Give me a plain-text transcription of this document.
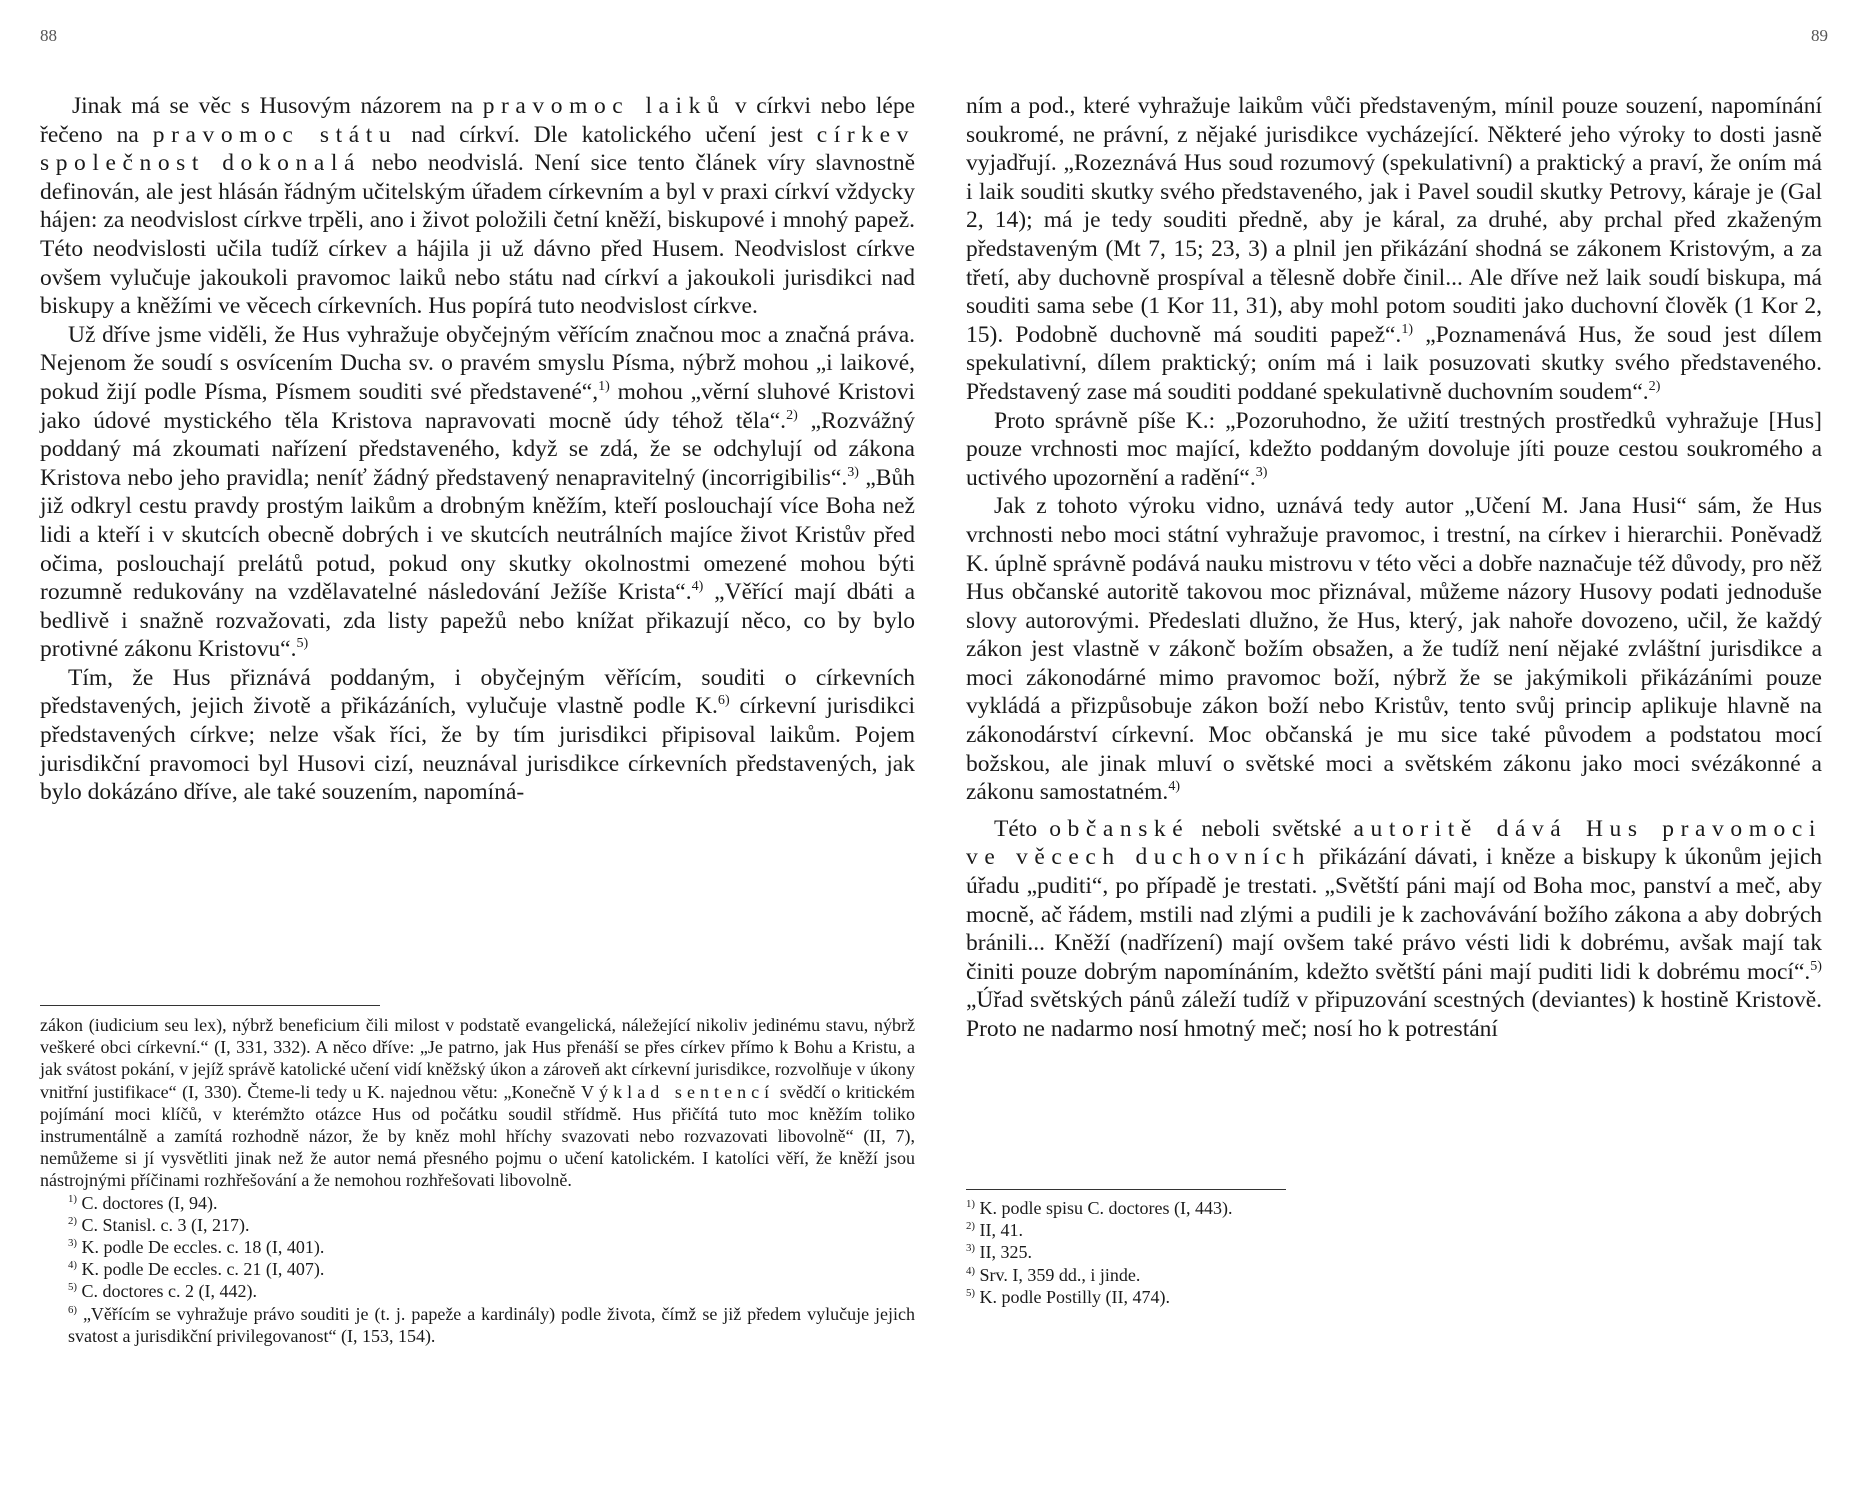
88

Jinak má se věc s Husovým názorem na pravomoc laiků v církvi nebo lépe řečeno na pravomoc státu nad církví. Dle katolického učení jest církev společnost dokonalá nebo neodvislá. Není sice tento článek víry slavnostně definován, ale jest hlásán řádným učitelským úřadem církevním a byl v praxi církví vždycky hájen: za neodvislost církve trpěli, ano i život položili četní kněží, biskupové i mnohý papež. Této neodvislosti učila tudíž církev a hájila ji už dávno před Husem. Neodvislost církve ovšem vylučuje jakoukoli pravomoc laiků nebo státu nad církví a jakoukoli jurisdikci nad biskupy a kněžími ve věcech církevních. Hus popírá tuto neodvislost církve.

Už dříve jsme viděli, že Hus vyhražuje obyčejným věřícím značnou moc a značná práva. Nejenom že soudí s osvícením Ducha sv. o pravém smyslu Písma, nýbrž mohou „i laikové, pokud žijí podle Písma, Písmem souditi své představené“,$^{1)}$ mohou „věrní sluhové Kristovi jako údové mystického těla Kristova napravovati mocně údy téhož těla“.$^{2)}$ „Rozvážný poddaný má zkoumati nařízení představeného, když se zdá, že se odchylují od zákona Kristova nebo jeho pravidla; neníť žádný představený nenapravitelný (incorrigibilis“.$^{3)}$ „Bůh již odkryl cestu pravdy prostým laikům a drobným kněžím, kteří poslouchají více Boha než lidi a kteří i v skutcích obecně dobrých i ve skutcích neutrálních majíce život Kristův před očima, poslouchají prelátů potud, pokud ony skutky okolnostmi omezené mohou býti rozumně redukovány na vzdělavatelné následování Ježíše Krista“.$^{4)}$ „Věřící mají dbáti a bedlivě i snažně rozvažovati, zda listy papežů nebo knížat přikazují něco, co by bylo protivné zákonu Kristovu“.$^{5)}$

Tím, že Hus přiznává poddaným, i obyčejným věřícím, souditi o církevních představených, jejich životě a přikázáních, vylučuje vlastně podle K.$^{6)}$ církevní jurisdikci představených církve; nelze však říci, že by tím jurisdikci připisoval laikům. Pojem jurisdikční pravomoci byl Husovi cizí, neuznával jurisdikce církevních představených, jak bylo dokázáno dříve, ale také souzením, napomíná-

zákon (iudicium seu lex), nýbrž beneficium čili milost v podstatě evangelická, náležející nikoliv jedinému stavu, nýbrž veškeré obci církevní.“ (I, 331, 332). A něco dříve: „Je patrno, jak Hus přenáší se přes církev přímo k Bohu a Kristu, a jak svátost pokání, v jejíž správě katolické učení vidí kněžský úkon a zároveň akt církevní jurisdikce, rozvolňuje v úkony vnitřní justifikace“ (I, 330). Čteme-li tedy u K. najednou větu: „Konečně Výklad sentencí svědčí o kritickém pojímání moci klíčů, v kterémžto otázce Hus od počátku soudil střídmě. Hus přičítá tuto moc kněžím toliko instrumentálně a zamítá rozhodně názor, že by kněz mohl hříchy svazovati nebo rozvazovati libovolně“ (II, 7), nemůžeme si jí vysvětliti jinak než že autor nemá přesného pojmu o učení katolickém. I katolíci věří, že kněží jsou nástrojnými příčinami rozhřešování a že nemohou rozhřešovati libovolně.

$^{1)}$ C. doctores (I, 94).

$^{2)}$ C. Stanisl. c. 3 (I, 217).

$^{3)}$ K. podle De eccles. c. 18 (I, 401).

$^{4)}$ K. podle De eccles. c. 21 (I, 407).

$^{5)}$ C. doctores c. 2 (I, 442).

$^{6)}$ „Věřícím se vyhražuje právo souditi je (t. j. papeže a kardinály) podle života, čímž se již předem vylučuje jejich svatost a jurisdikční privilegovanost“ (I, 153, 154).

89

ním a pod., které vyhražuje laikům vůči představeným, mínil pouze souzení, napomínání soukromé, ne právní, z nějaké jurisdikce vycházející. Některé jeho výroky to dosti jasně vyjadřují. „Rozeznává Hus soud rozumový (spekulativní) a praktický a praví, že oním má i laik souditi skutky svého představeného, jak i Pavel soudil skutky Petrovy, káraje je (Gal 2, 14); má je tedy souditi předně, aby je káral, za druhé, aby prchal před zkaženým představeným (Mt 7, 15; 23, 3) a plnil jen přikázání shodná se zákonem Kristovým, a za třetí, aby duchovně prospíval a tělesně dobře činil... Ale dříve než laik soudí biskupa, má souditi sama sebe (1 Kor 11, 31), aby mohl potom souditi jako duchovní člověk (1 Kor 2, 15). Podobně duchovně má souditi papež“.$^{1)}$ „Poznamenává Hus, že soud jest dílem spekulativní, dílem praktický; oním má i laik posuzovati skutky svého představeného. Představený zase má souditi poddané spekulativně duchovním soudem“.$^{2)}$

Proto správně píše K.: „Pozoruhodno, že užití trestných prostředků vyhražuje [Hus] pouze vrchnosti moc mající, kdežto poddaným dovoluje jíti pouze cestou soukromého a uctivého upozornění a radění“.$^{3)}$

Jak z tohoto výroku vidno, uznává tedy autor „Učení M. Jana Husi“ sám, že Hus vrchnosti nebo moci státní vyhražuje pravomoc, i trestní, na církev i hierarchii. Poněvadž K. úplně správně podává nauku mistrovu v této věci a dobře naznačuje též důvody, pro něž Hus občanské autoritě takovou moc přiznával, můžeme názory Husovy podati jednoduše slovy autorovými. Předeslati dlužno, že Hus, který, jak nahoře dovozeno, učil, že každý zákon jest vlastně v zákonč božím obsažen, a že tudíž není nějaké zvláštní jurisdikce a moci zákonodárné mimo pravomoc boží, nýbrž že se jakýmikoli přikázáními pouze vykládá a přizpůsobuje zákon boží nebo Kristův, tento svůj princip aplikuje hlavně na zákonodárství církevní. Moc občanská je mu sice také původem a podstatou mocí božskou, ale jinak mluví o světské moci a světském zákonu jako moci svézákonné a zákonu samostatném.$^{4)}$

Této občanské neboli světské autoritě dává Hus pravomoci ve věcech duchovních přikázání dávati, i kněze a biskupy k úkonům jejich úřadu „puditi“, po případě je trestati. „Světští páni mají od Boha moc, panství a meč, aby mocně, ač řádem, mstili nad zlými a pudili je k zachovávání božího zákona a aby dobrých bránili... Kněží (nadřízení) mají ovšem také právo vésti lidi k dobrému, avšak mají tak činiti pouze dobrým napomínáním, kdežto světští páni mají puditi lidi k dobrému mocí“.$^{5)}$ „Úřad světských pánů záleží tudíž v připuzování scestných (deviantes) k hostině Kristově. Proto ne nadarmo nosí hmotný meč; nosí ho k potrestání

$^{1)}$ K. podle spisu C. doctores (I, 443).

$^{2)}$ II, 41.

$^{3)}$ II, 325.

$^{4)}$ Srv. I, 359 dd., i jinde.

$^{5)}$ K. podle Postilly (II, 474).
